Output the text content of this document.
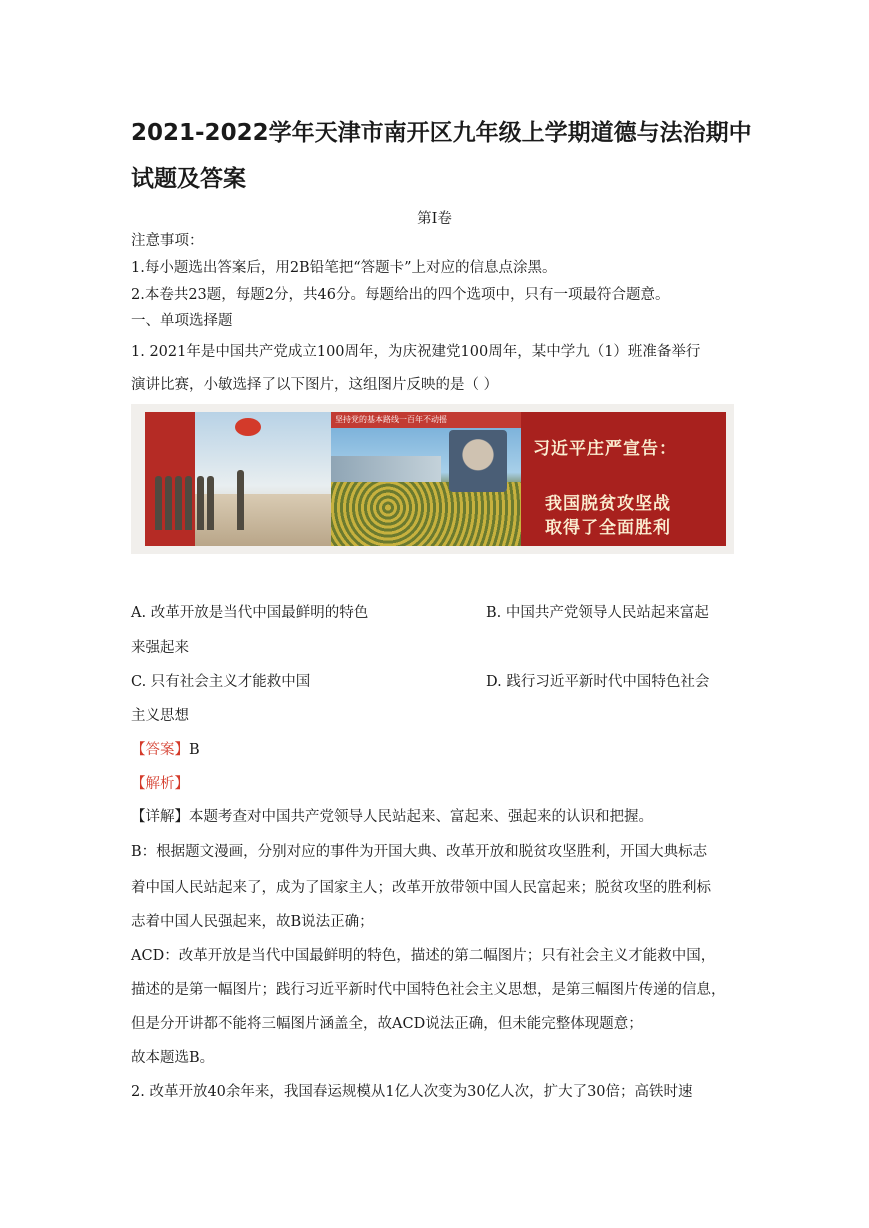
2021-2022学年天津市南开区九年级上学期道德与法治期中
试题及答案
第Ⅰ卷
注意事项：
1.每小题选出答案后，用2B铅笔把“答题卡”上对应的信息点涂黑。
2.本卷共23题，每题2分，共46分。每题给出的四个选项中，只有一项最符合题意。
一、单项选择题
1. 2021年是中国共产党成立100周年，为庆祝建党100周年，某中学九（1）班准备举行
演讲比赛，小敏选择了以下图片，这组图片反映的是（ ）
坚持党的基本路线一百年不动摇
习近平庄严宣告：
我国脱贫攻坚战
取得了全面胜利
A. 改革开放是当代中国最鲜明的特色	B. 中国共产党领导人民站起来富起
来强起来
C. 只有社会主义才能救中国	D. 践行习近平新时代中国特色社会
主义思想
【答案】B
【解析】
【详解】本题考查对中国共产党领导人民站起来、富起来、强起来的认识和把握。
B：根据题文漫画，分别对应的事件为开国大典、改革开放和脱贫攻坚胜利，开国大典标志
着中国人民站起来了，成为了国家主人；改革开放带领中国人民富起来；脱贫攻坚的胜利标
志着中国人民强起来，故B说法正确；
ACD：改革开放是当代中国最鲜明的特色，描述的第二幅图片；只有社会主义才能救中国，
描述的是第一幅图片；践行习近平新时代中国特色社会主义思想，是第三幅图片传递的信息，
但是分开讲都不能将三幅图片涵盖全，故ACD说法正确，但未能完整体现题意；
故本题选B。
2. 改革开放40余年来，我国春运规模从1亿人次变为30亿人次，扩大了30倍；高铁时速
